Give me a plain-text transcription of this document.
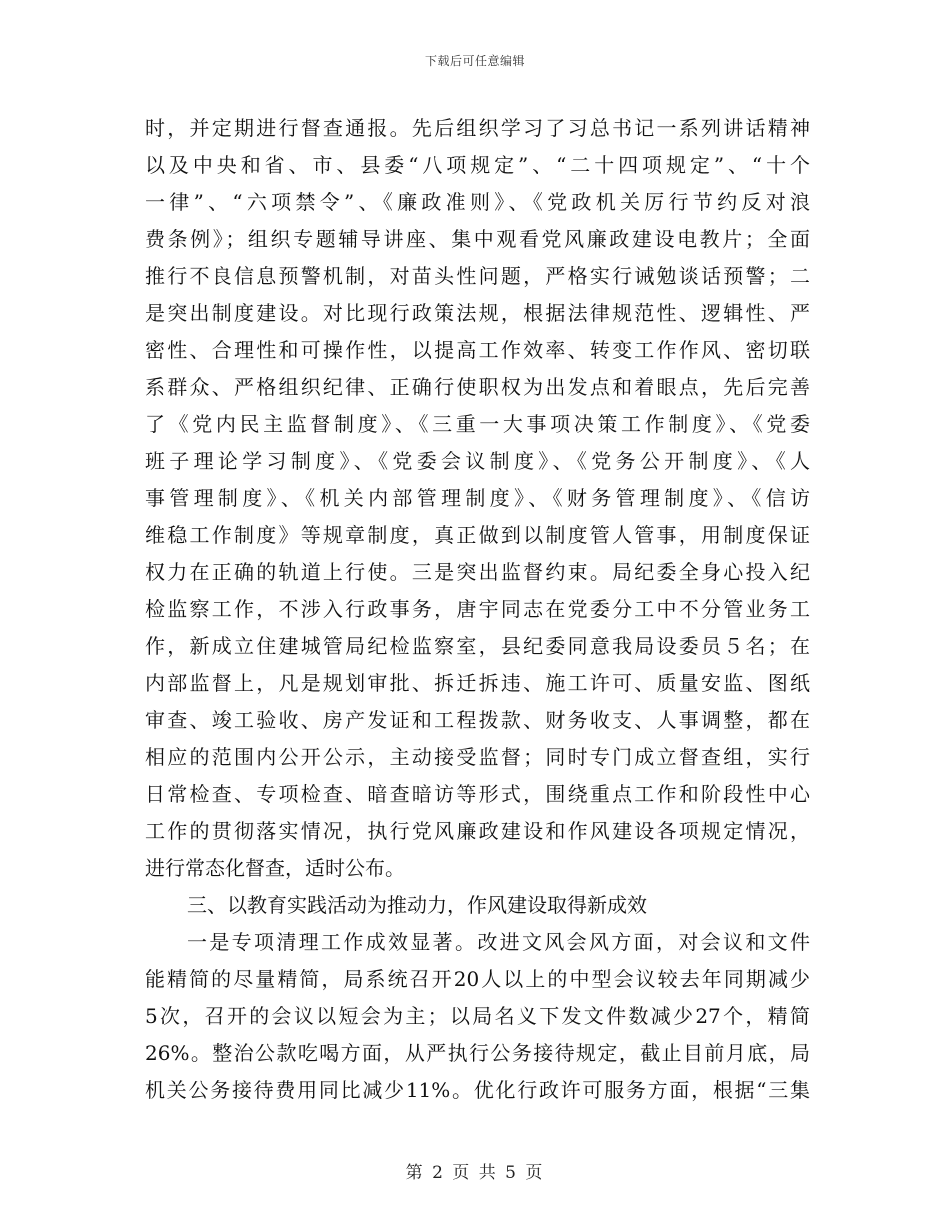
下载后可任意编辑
时，并定期进行督查通报。先后组织学习了习总书记一系列讲话精神
以及中央和省、市、县委“八项规定”、“二十四项规定”、“十个
一律”、“六项禁令”、《廉政准则》、《党政机关厉行节约反对浪
费条例》；组织专题辅导讲座、集中观看党风廉政建设电教片；全面
推行不良信息预警机制，对苗头性问题，严格实行诫勉谈话预警；二
是突出制度建设。对比现行政策法规，根据法律规范性、逻辑性、严
密性、合理性和可操作性，以提高工作效率、转变工作作风、密切联
系群众、严格组织纪律、正确行使职权为出发点和着眼点，先后完善
了《党内民主监督制度》、《三重一大事项决策工作制度》、《党委
班子理论学习制度》、《党委会议制度》、《党务公开制度》、《人
事管理制度》、《机关内部管理制度》、《财务管理制度》、《信访
维稳工作制度》等规章制度，真正做到以制度管人管事，用制度保证
权力在正确的轨道上行使。三是突出监督约束。局纪委全身心投入纪
检监察工作，不涉入行政事务，唐宇同志在党委分工中不分管业务工
作，新成立住建城管局纪检监察室，县纪委同意我局设委员５名；在
内部监督上，凡是规划审批、拆迁拆违、施工许可、质量安监、图纸
审查、竣工验收、房产发证和工程拨款、财务收支、人事调整，都在
相应的范围内公开公示，主动接受监督；同时专门成立督查组，实行
日常检查、专项检查、暗查暗访等形式，围绕重点工作和阶段性中心
工作的贯彻落实情况，执行党风廉政建设和作风建设各项规定情况，
进行常态化督查，适时公布。
三、以教育实践活动为推动力，作风建设取得新成效
一是专项清理工作成效显著。改进文风会风方面，对会议和文件
能精简的尽量精简，局系统召开20人以上的中型会议较去年同期减少
5次，召开的会议以短会为主；以局名义下发文件数减少27个，精简
26%。整治公款吃喝方面，从严执行公务接待规定，截止目前月底，局
机关公务接待费用同比减少11%。优化行政许可服务方面，根据“三集
第 2 页 共 5 页
